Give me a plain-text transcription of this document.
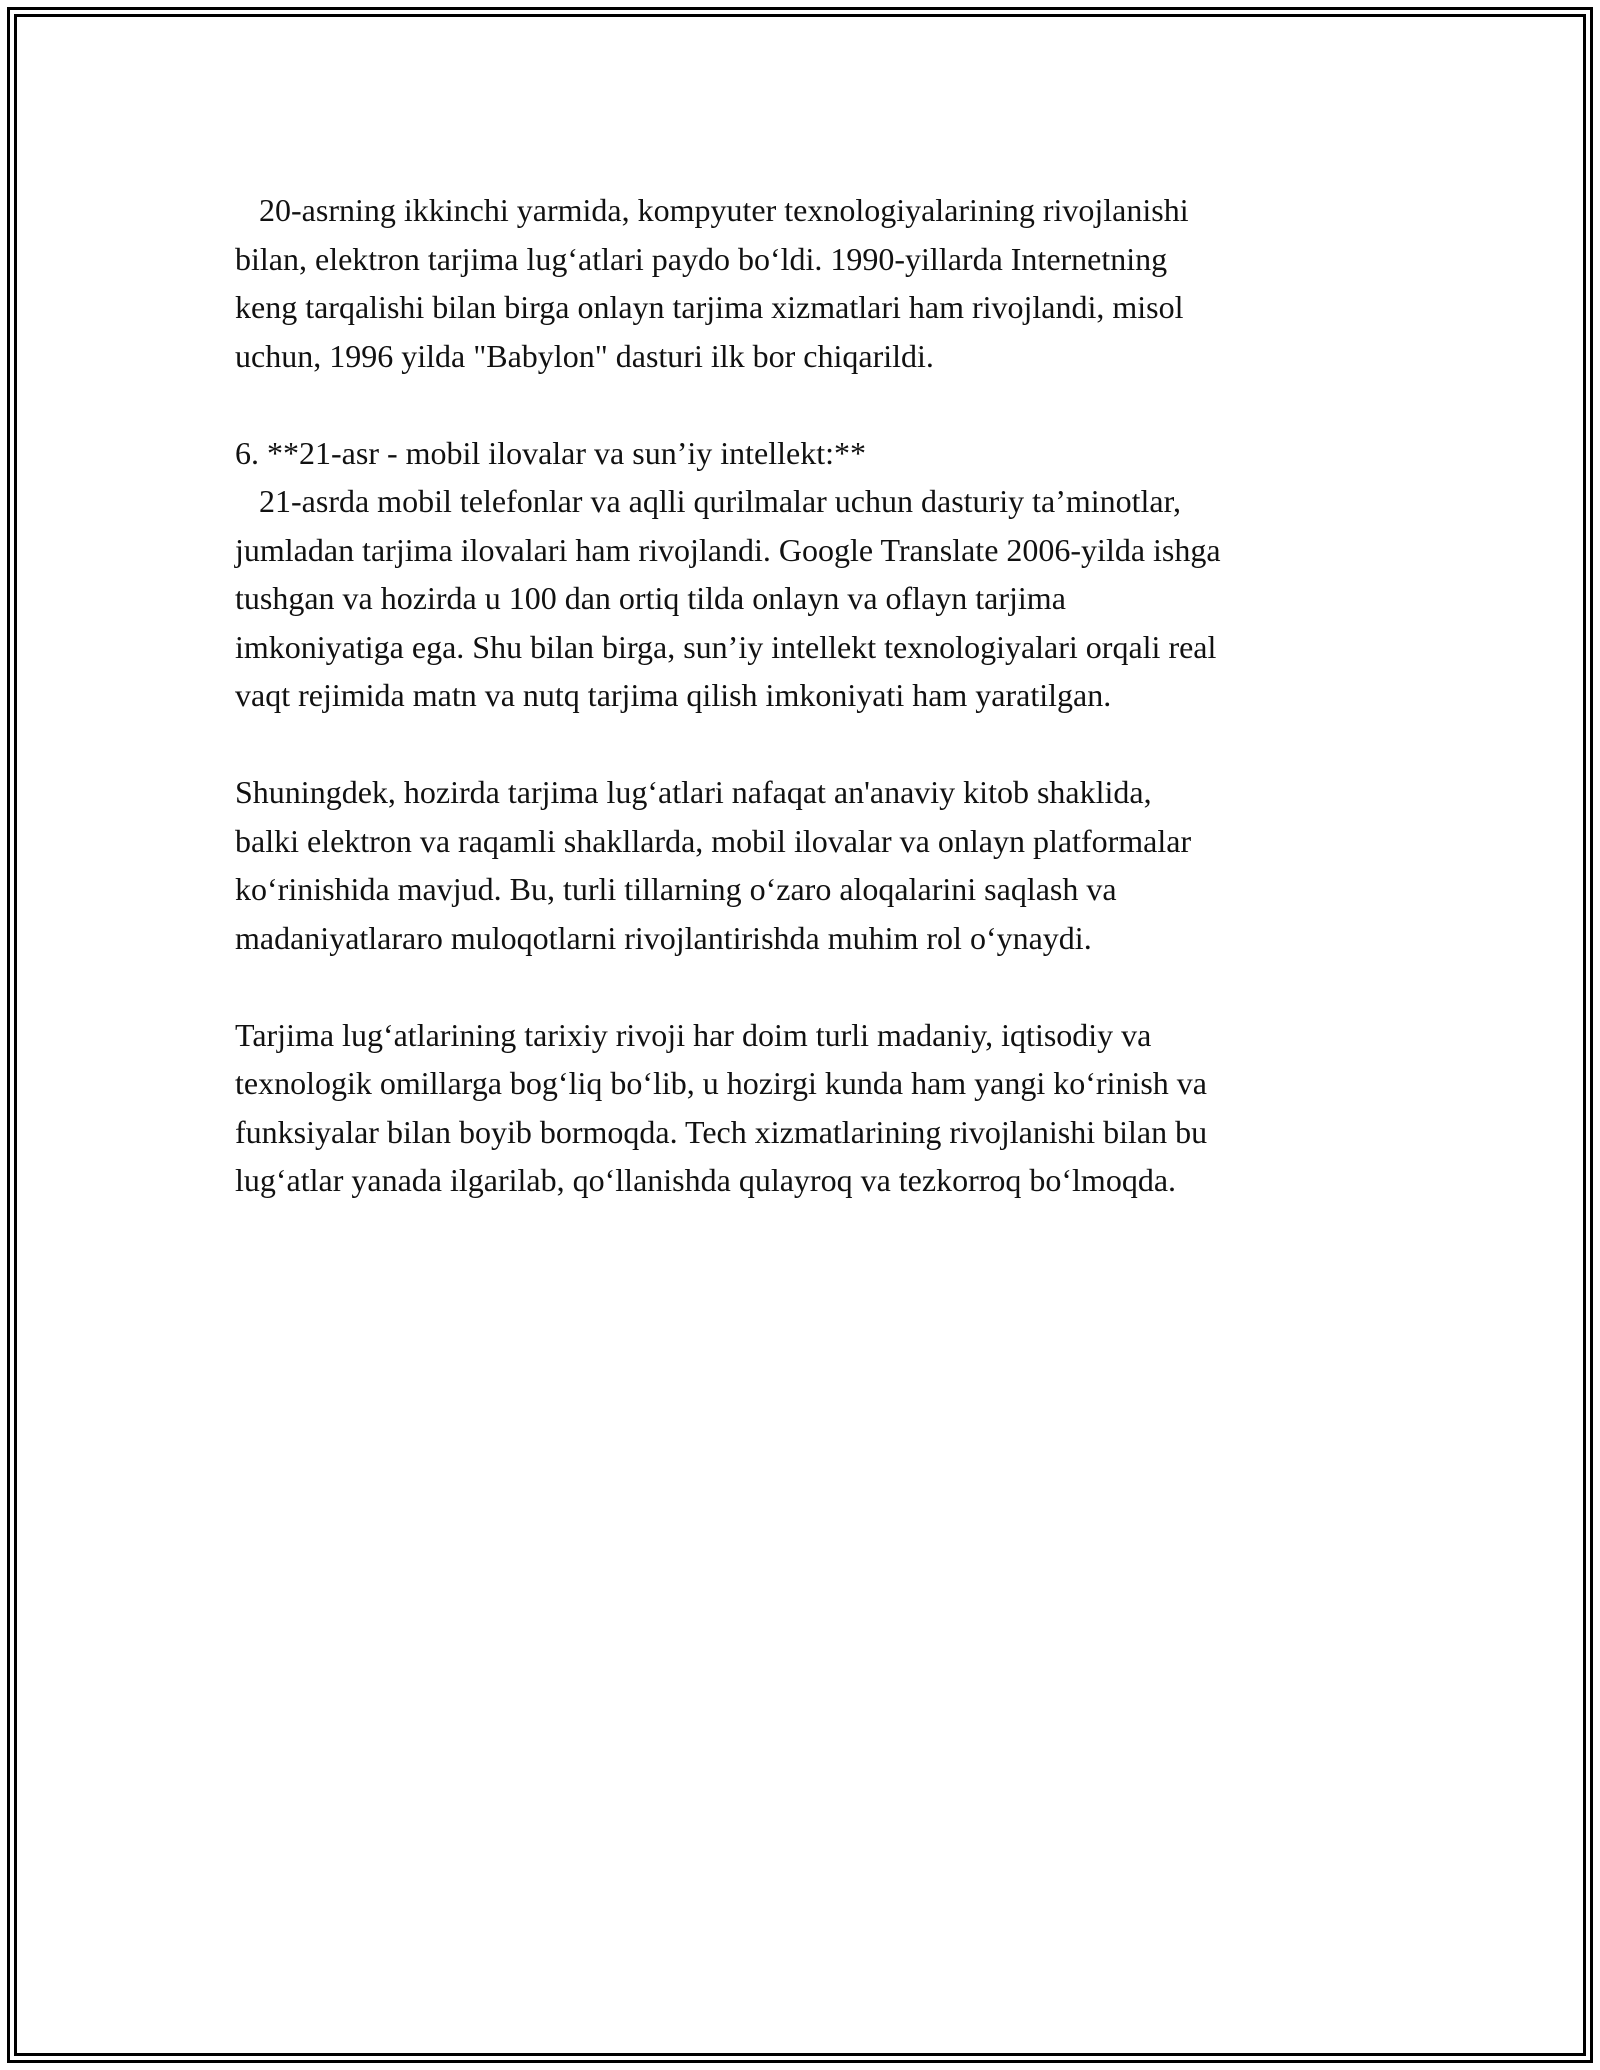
20-asrning ikkinchi yarmida, kompyuter texnologiyalarining rivojlanishi
bilan, elektron tarjima lug‘atlari paydo bo‘ldi. 1990-yillarda Internetning
keng tarqalishi bilan birga onlayn tarjima xizmatlari ham rivojlandi, misol
uchun, 1996 yilda "Babylon" dasturi ilk bor chiqarildi.
6. **21-asr - mobil ilovalar va sun’iy intellekt:**
21-asrda mobil telefonlar va aqlli qurilmalar uchun dasturiy ta’minotlar,
jumladan tarjima ilovalari ham rivojlandi. Google Translate 2006-yilda ishga
tushgan va hozirda u 100 dan ortiq tilda onlayn va oflayn tarjima
imkoniyatiga ega. Shu bilan birga, sun’iy intellekt texnologiyalari orqali real
vaqt rejimida matn va nutq tarjima qilish imkoniyati ham yaratilgan.
Shuningdek, hozirda tarjima lug‘atlari nafaqat an'anaviy kitob shaklida,
balki elektron va raqamli shakllarda, mobil ilovalar va onlayn platformalar
ko‘rinishida mavjud. Bu, turli tillarning o‘zaro aloqalarini saqlash va
madaniyatlararo muloqotlarni rivojlantirishda muhim rol o‘ynaydi.
Tarjima lug‘atlarining tarixiy rivoji har doim turli madaniy, iqtisodiy va
texnologik omillarga bog‘liq bo‘lib, u hozirgi kunda ham yangi ko‘rinish va
funksiyalar bilan boyib bormoqda. Tech xizmatlarining rivojlanishi bilan bu
lug‘atlar yanada ilgarilab, qo‘llanishda qulayroq va tezkorroq bo‘lmoqda.
